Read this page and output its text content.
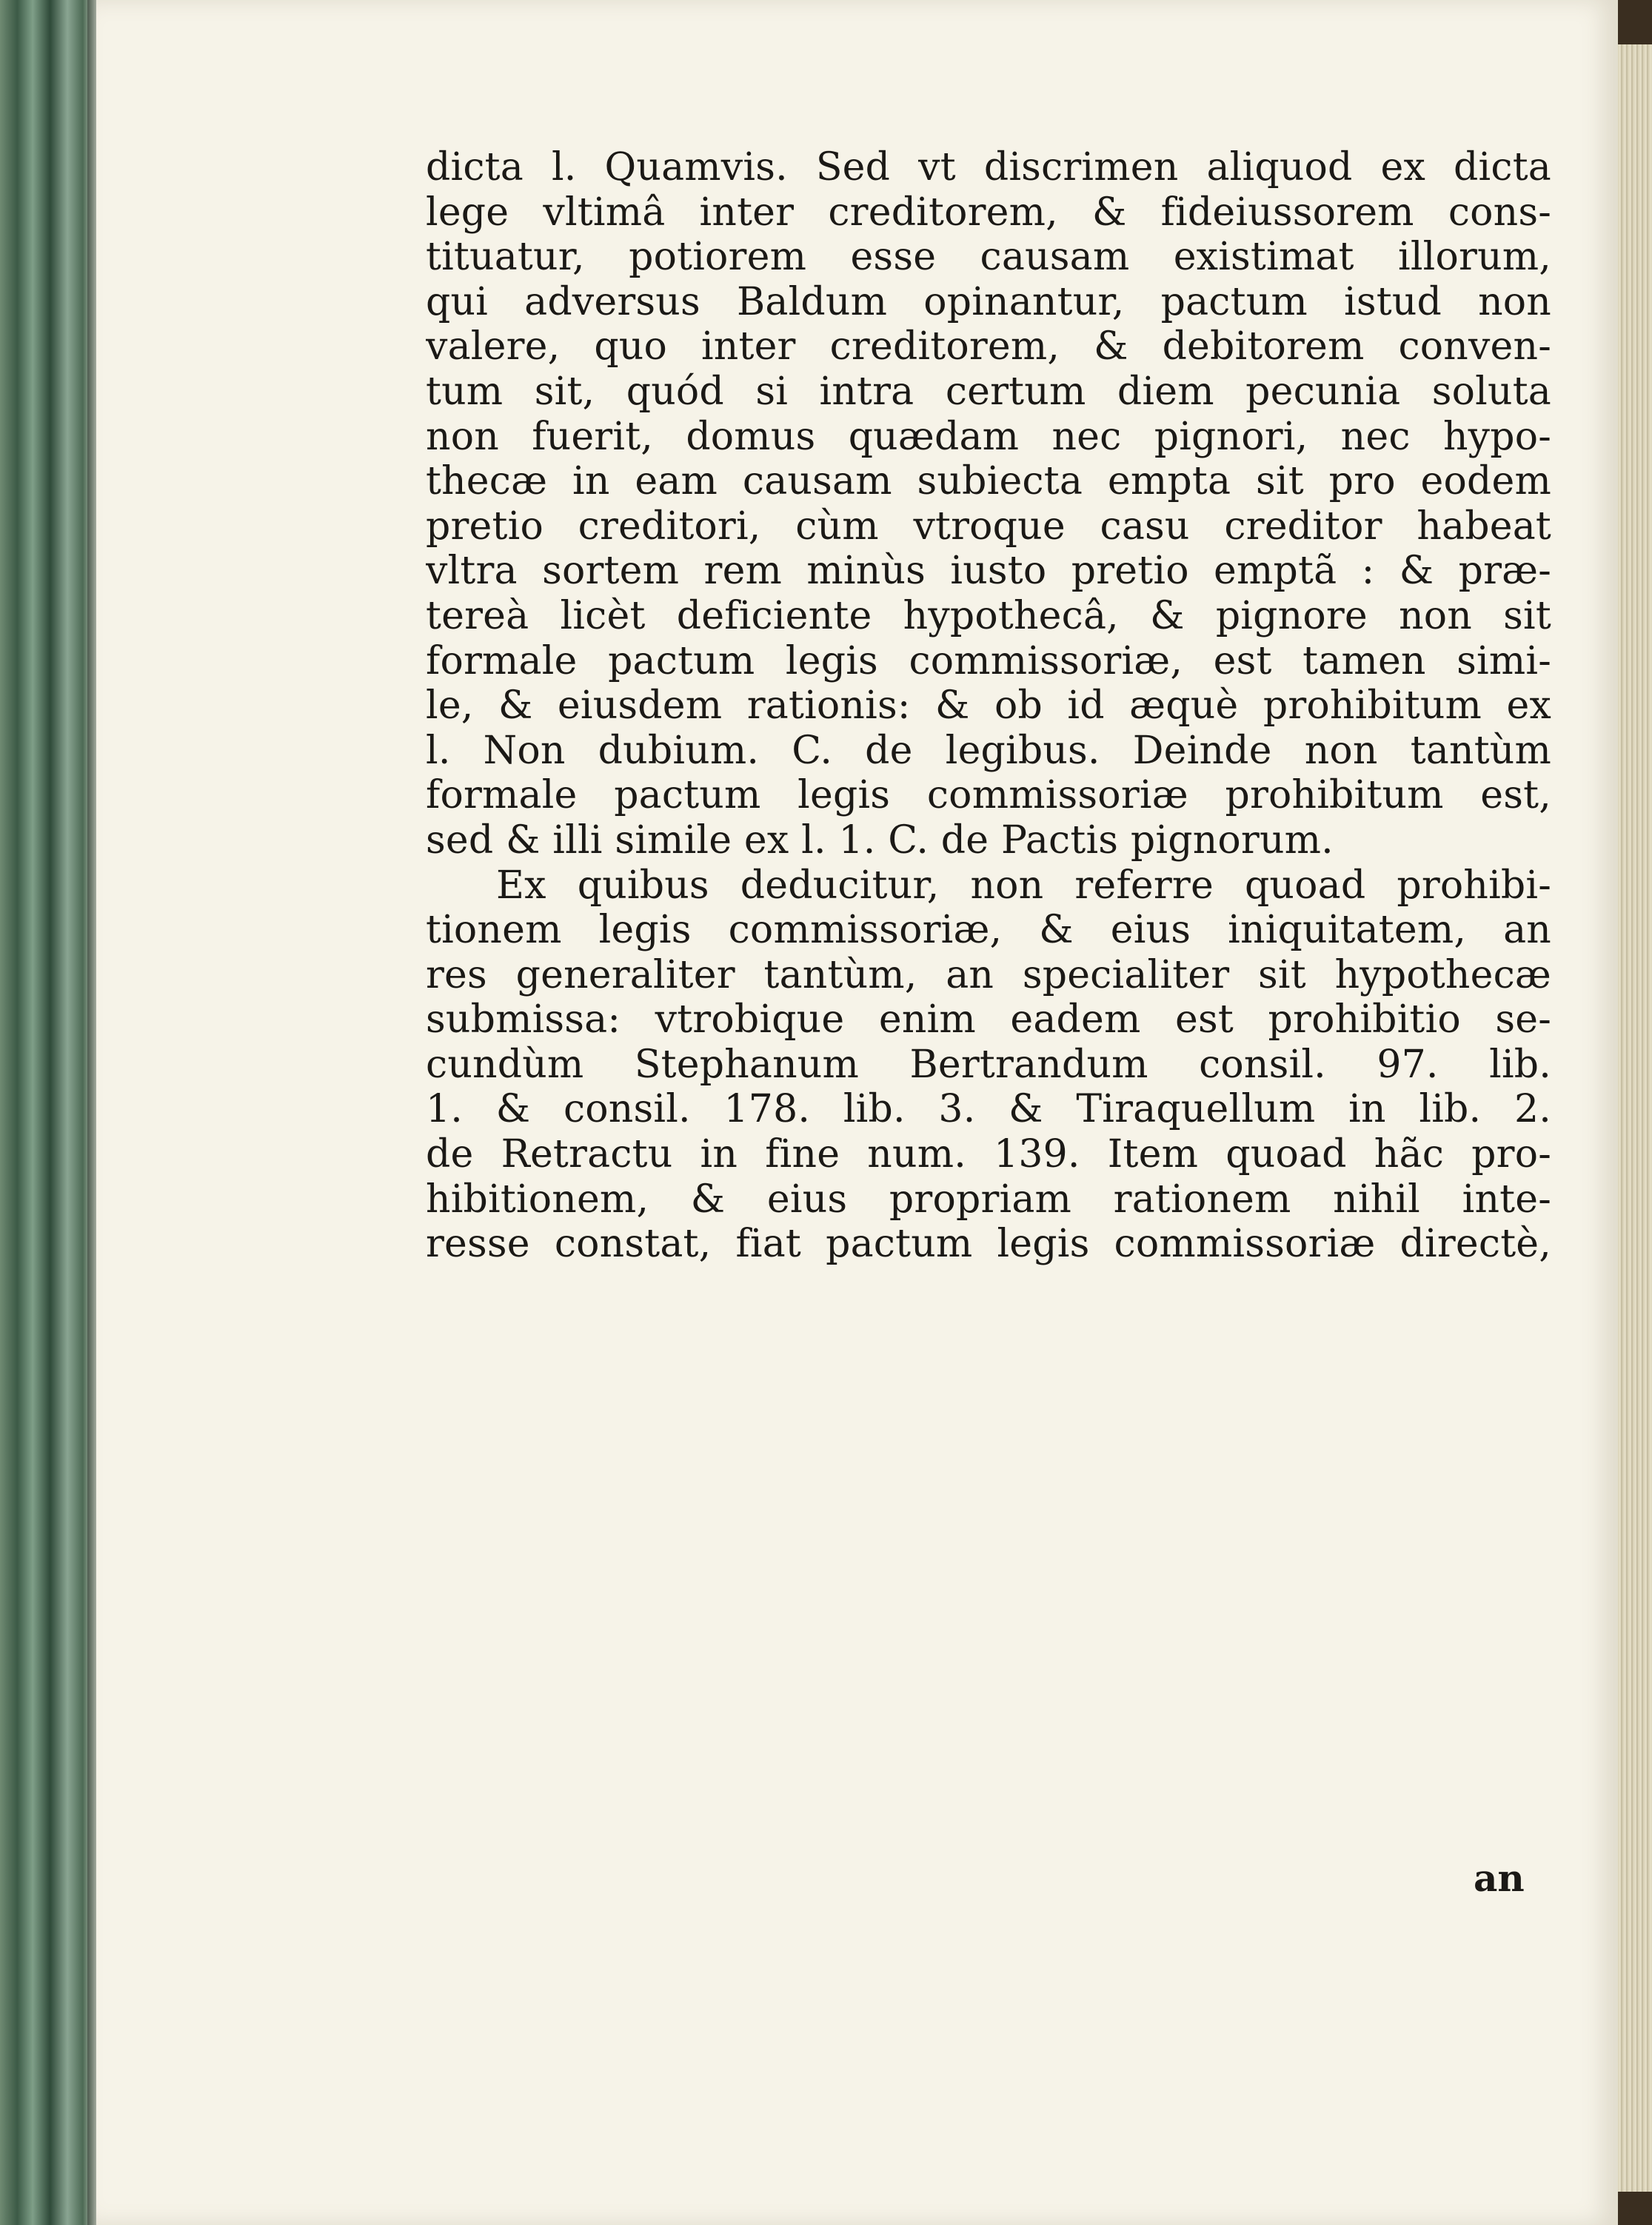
dicta l. Quamvis. Sed vt discrimen aliquod ex dicta
lege vltimâ inter creditorem, & fideiussorem cons-
tituatur, potiorem esse causam existimat illorum,
qui adversus Baldum opinantur, pactum istud non
valere, quo inter creditorem, & debitorem conven-
tum sit, quód si intra certum diem pecunia soluta
non fuerit, domus quædam nec pignori, nec hypo-
thecæ in eam causam subiecta empta sit pro eodem
pretio creditori, cùm vtroque casu creditor habeat
vltra sortem rem minùs iusto pretio emptã : & præ-
tereà licèt deficiente hypothecâ, & pignore non sit
formale pactum legis commissoriæ, est tamen simi-
le, & eiusdem rationis: & ob id æquè prohibitum ex
l. Non dubium. C. de legibus. Deinde non tantùm
formale pactum legis commissoriæ prohibitum est,
sed & illi simile ex l. 1. C. de Pactis pignorum.
Ex quibus deducitur, non referre quoad prohibi-
tionem legis commissoriæ, & eius iniquitatem, an
res generaliter tantùm, an specialiter sit hypothecæ
submissa: vtrobique enim eadem est prohibitio se-
cundùm Stephanum Bertrandum consil. 97. lib.
1. & consil. 178. lib. 3. & Tiraquellum in lib. 2.
de Retractu in fine num. 139. Item quoad hãc pro-
hibitionem, & eius propriam rationem nihil inte-
resse constat, fiat pactum legis commissoriæ directè,
an
